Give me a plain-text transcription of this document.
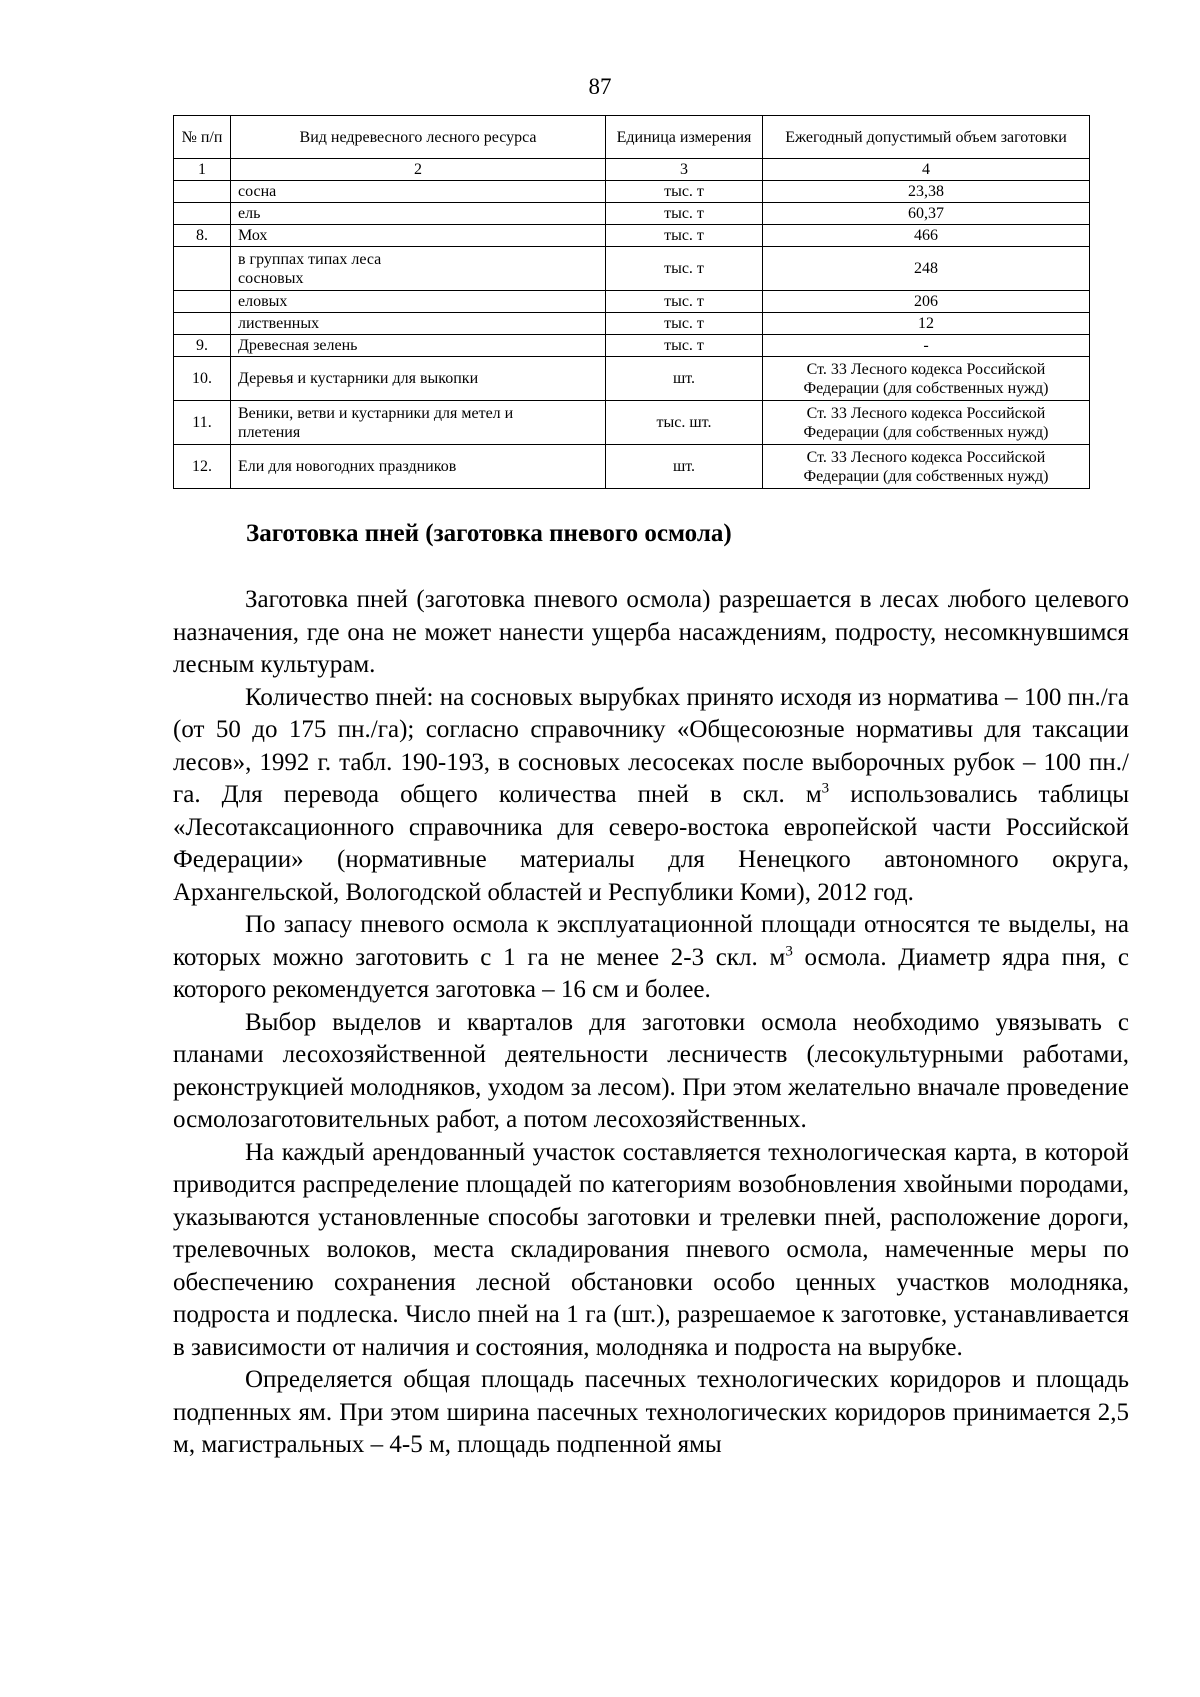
87
№ п/п	Вид недревесного лесного ресурса	Единица измерения	Ежегодный допустимый объем заготовки
1	2	3	4
	сосна	тыс. т	23,38
	ель	тыс. т	60,37
8.	Мох	тыс. т	466
	в группах типах леса сосновых	тыс. т	248
	еловых	тыс. т	206
	лиственных	тыс. т	12
9.	Древесная зелень	тыс. т	-
10.	Деревья и кустарники для выкопки	шт.	Ст. 33 Лесного кодекса Российской Федерации (для собственных нужд)
11.	Веники, ветви и кустарники для метел и плетения	тыс. шт.	Ст. 33 Лесного кодекса Российской Федерации (для собственных нужд)
12.	Ели для новогодних праздников	шт.	Ст. 33 Лесного кодекса Российской Федерации (для собственных нужд)
Заготовка пней (заготовка пневого осмола)

Заготовка пней (заготовка пневого осмола) разрешается в лесах любого целевого назначения, где она не может нанести ущерба насаждениям, подросту, несомкнувшимся лесным культурам.

Количество пней: на сосновых вырубках принято исходя из норматива – 100 пн./га (от 50 до 175 пн./га); согласно справочнику «Общесоюзные нормативы для таксации лесов», 1992 г. табл. 190-193, в сосновых лесосеках после выборочных рубок – 100 пн./га. Для перевода общего количества пней в скл. $м^3$ использовались таблицы «Лесотаксационного справочника для северо-востока европейской части Российской Федерации» (нормативные материалы для Ненецкого автономного округа, Архангельской, Вологодской областей и Республики Коми), 2012 год.

По запасу пневого осмола к эксплуатационной площади относятся те выделы, на которых можно заготовить с 1 га не менее 2-3 скл. $м^3$ осмола. Диаметр ядра пня, с которого рекомендуется заготовка – 16 см и более.

Выбор выделов и кварталов для заготовки осмола необходимо увязывать с планами лесохозяйственной деятельности лесничеств (лесокультурными работами, реконструкцией молодняков, уходом за лесом). При этом желательно вначале проведение осмолозаготовительных работ, а потом лесохозяйственных.

На каждый арендованный участок составляется технологическая карта, в которой приводится распределение площадей по категориям возобновления хвойными породами, указываются установленные способы заготовки и трелевки пней, расположение дороги, трелевочных волоков, места складирования пневого осмола, намеченные меры по обеспечению сохранения лесной обстановки особо ценных участков молодняка, подроста и подлеска. Число пней на 1 га (шт.), разрешаемое к заготовке, устанавливается в зависимости от наличия и состояния, молодняка и подроста на вырубке.

Определяется общая площадь пасечных технологических коридоров и площадь подпенных ям. При этом ширина пасечных технологических коридоров принимается 2,5 м, магистральных – 4-5 м, площадь подпенной ямы
